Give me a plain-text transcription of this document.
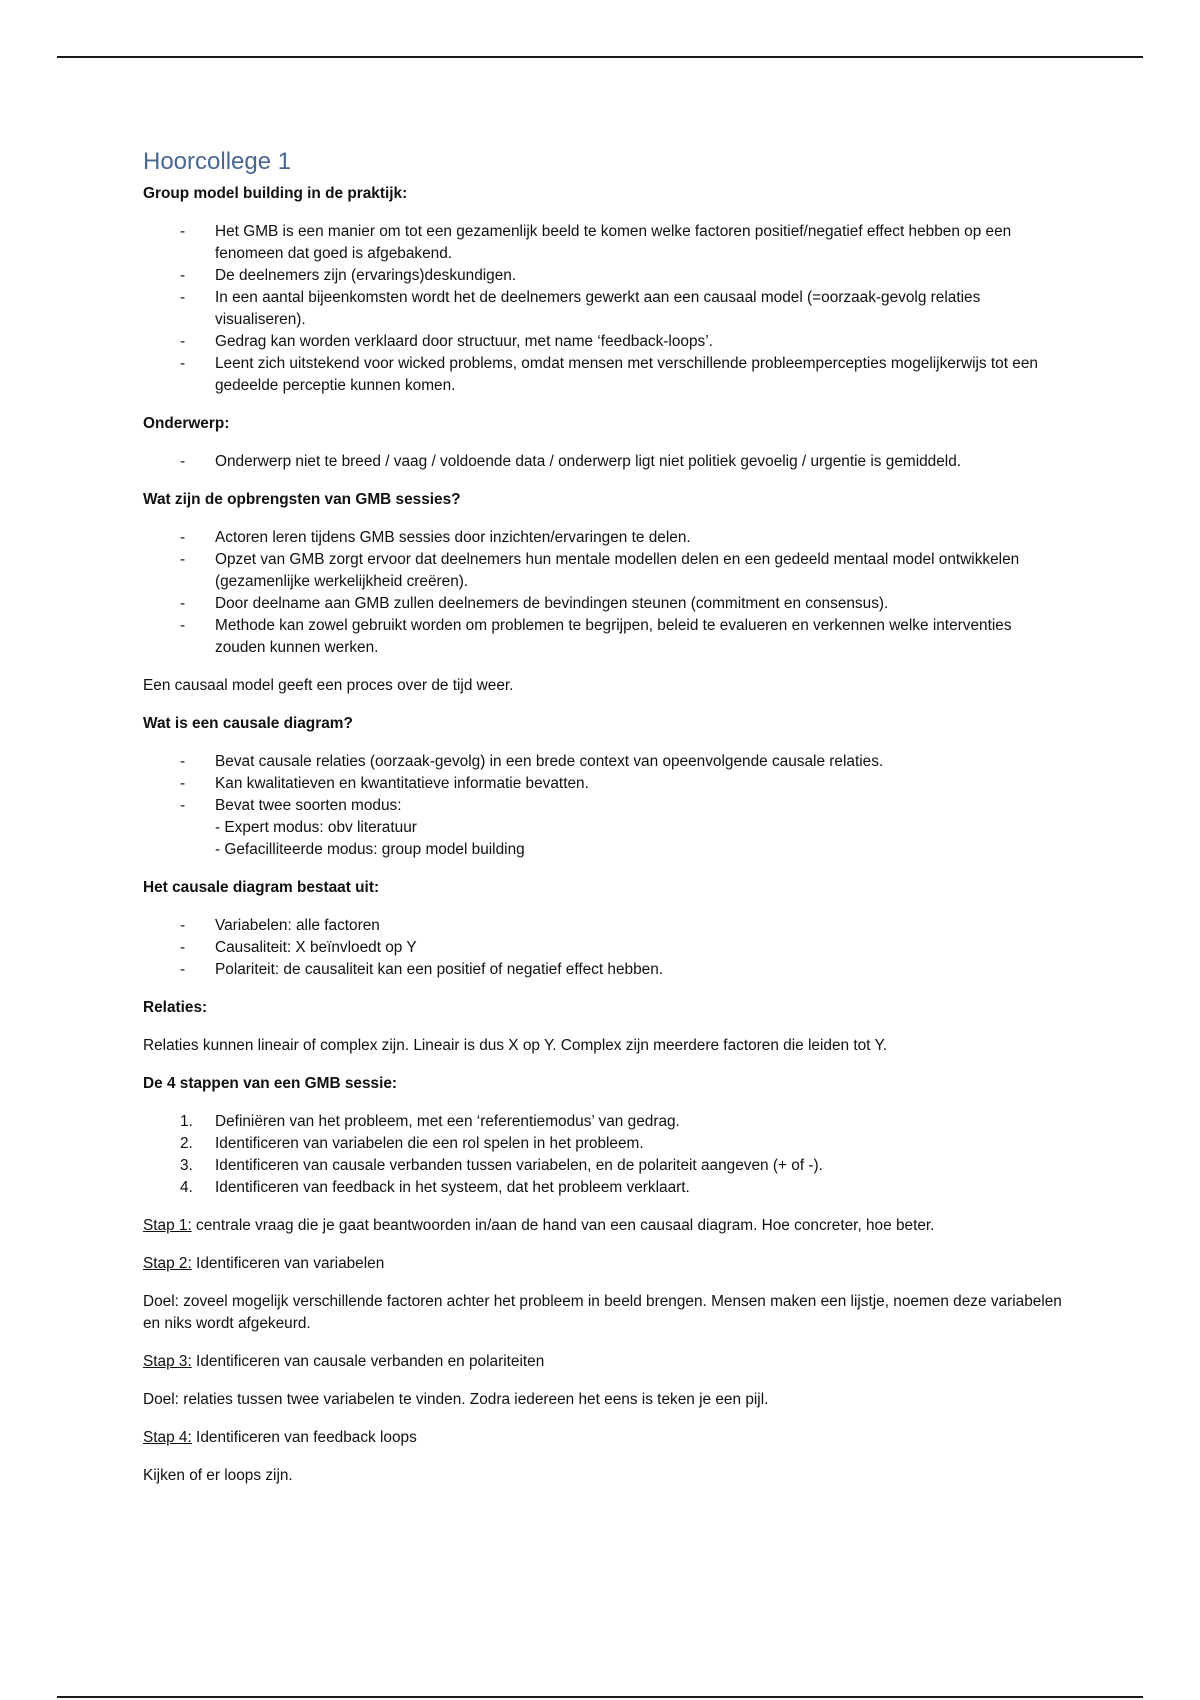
Hoorcollege 1

Group model building in de praktijk:

- Het GMB is een manier om tot een gezamenlijk beeld te komen welke factoren positief/negatief effect hebben op een fenomeen dat goed is afgebakend.
- De deelnemers zijn (ervarings)deskundigen.
- In een aantal bijeenkomsten wordt het de deelnemers gewerkt aan een causaal model (=oorzaak-gevolg relaties visualiseren).
- Gedrag kan worden verklaard door structuur, met name ‘feedback-loops’.
- Leent zich uitstekend voor wicked problems, omdat mensen met verschillende probleempercepties mogelijkerwijs tot een gedeelde perceptie kunnen komen.

Onderwerp:

- Onderwerp niet te breed / vaag / voldoende data / onderwerp ligt niet politiek gevoelig / urgentie is gemiddeld.

Wat zijn de opbrengsten van GMB sessies?

- Actoren leren tijdens GMB sessies door inzichten/ervaringen te delen.
- Opzet van GMB zorgt ervoor dat deelnemers hun mentale modellen delen en een gedeeld mentaal model ontwikkelen (gezamenlijke werkelijkheid creëren).
- Door deelname aan GMB zullen deelnemers de bevindingen steunen (commitment en consensus).
- Methode kan zowel gebruikt worden om problemen te begrijpen, beleid te evalueren en verkennen welke interventies zouden kunnen werken.

Een causaal model geeft een proces over de tijd weer.

Wat is een causale diagram?

- Bevat causale relaties (oorzaak-gevolg) in een brede context van opeenvolgende causale relaties.
- Kan kwalitatieven en kwantitatieve informatie bevatten.
- Bevat twee soorten modus:
- Expert modus: obv literatuur
- Gefacilliteerde modus: group model building

Het causale diagram bestaat uit:

- Variabelen: alle factoren
- Causaliteit: X beïnvloedt op Y
- Polariteit: de causaliteit kan een positief of negatief effect hebben.

Relaties:

Relaties kunnen lineair of complex zijn. Lineair is dus X op Y. Complex zijn meerdere factoren die leiden tot Y.

De 4 stappen van een GMB sessie:

1. Definiëren van het probleem, met een ‘referentiemodus’ van gedrag.
2. Identificeren van variabelen die een rol spelen in het probleem.
3. Identificeren van causale verbanden tussen variabelen, en de polariteit aangeven (+ of -).
4. Identificeren van feedback in het systeem, dat het probleem verklaart.

Stap 1: centrale vraag die je gaat beantwoorden in/aan de hand van een causaal diagram. Hoe concreter, hoe beter.

Stap 2: Identificeren van variabelen

Doel: zoveel mogelijk verschillende factoren achter het probleem in beeld brengen. Mensen maken een lijstje, noemen deze variabelen en niks wordt afgekeurd.

Stap 3: Identificeren van causale verbanden en polariteiten

Doel: relaties tussen twee variabelen te vinden. Zodra iedereen het eens is teken je een pijl.

Stap 4: Identificeren van feedback loops

Kijken of er loops zijn.
